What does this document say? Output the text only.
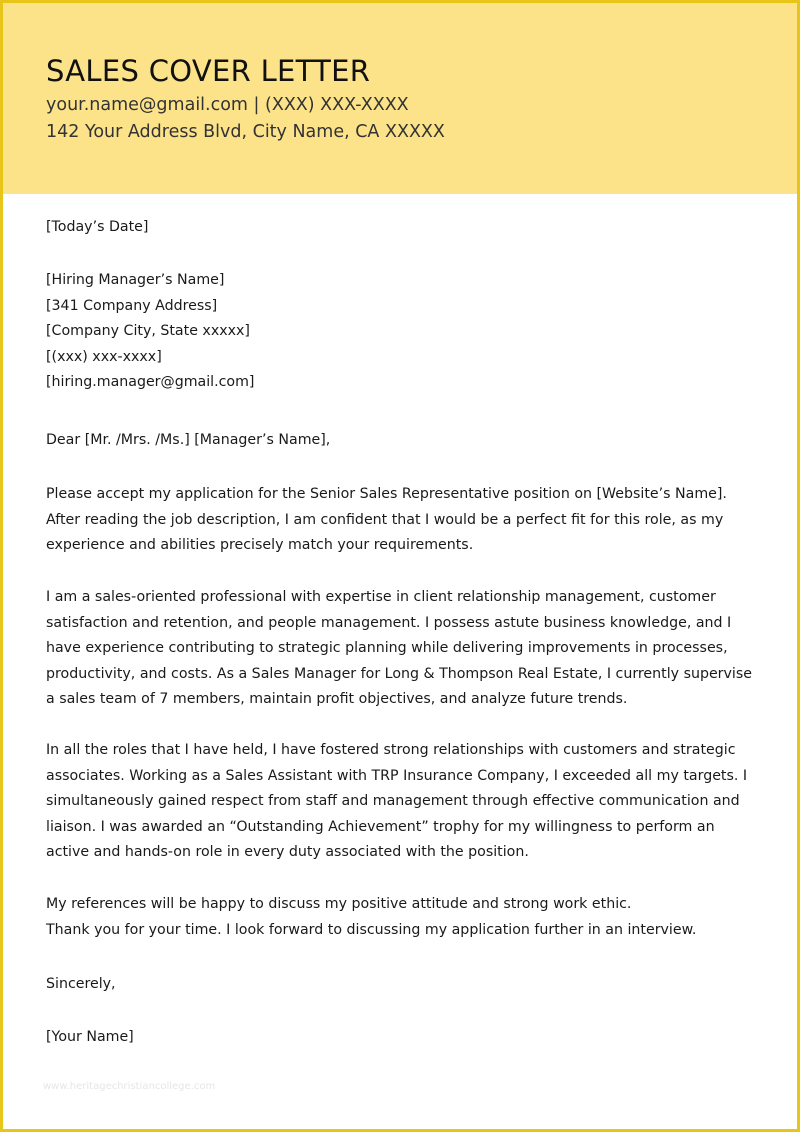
SALES COVER LETTER
your.name@gmail.com | (XXX) XXX-XXXX
142 Your Address Blvd, City Name, CA XXXXX
[Today’s Date]
[Hiring Manager’s Name]
[341 Company Address]
[Company City, State xxxxx]
[(xxx) xxx-xxxx]
[hiring.manager@gmail.com]
Dear [Mr. /Mrs. /Ms.] [Manager’s Name],
Please accept my application for the Senior Sales Representative position on [Website’s Name].
After reading the job description, I am confident that I would be a perfect fit for this role, as my
experience and abilities precisely match your requirements.
I am a sales-oriented professional with expertise in client relationship management, customer
satisfaction and retention, and people management. I possess astute business knowledge, and I
have experience contributing to strategic planning while delivering improvements in processes,
productivity, and costs. As a Sales Manager for Long & Thompson Real Estate, I currently supervise
a sales team of 7 members, maintain profit objectives, and analyze future trends.
In all the roles that I have held, I have fostered strong relationships with customers and strategic
associates. Working as a Sales Assistant with TRP Insurance Company, I exceeded all my targets. I
simultaneously gained respect from staff and management through effective communication and
liaison. I was awarded an “Outstanding Achievement” trophy for my willingness to perform an
active and hands-on role in every duty associated with the position.
My references will be happy to discuss my positive attitude and strong work ethic.
Thank you for your time. I look forward to discussing my application further in an interview.
Sincerely,
[Your Name]
www.heritagechristiancollege.com
